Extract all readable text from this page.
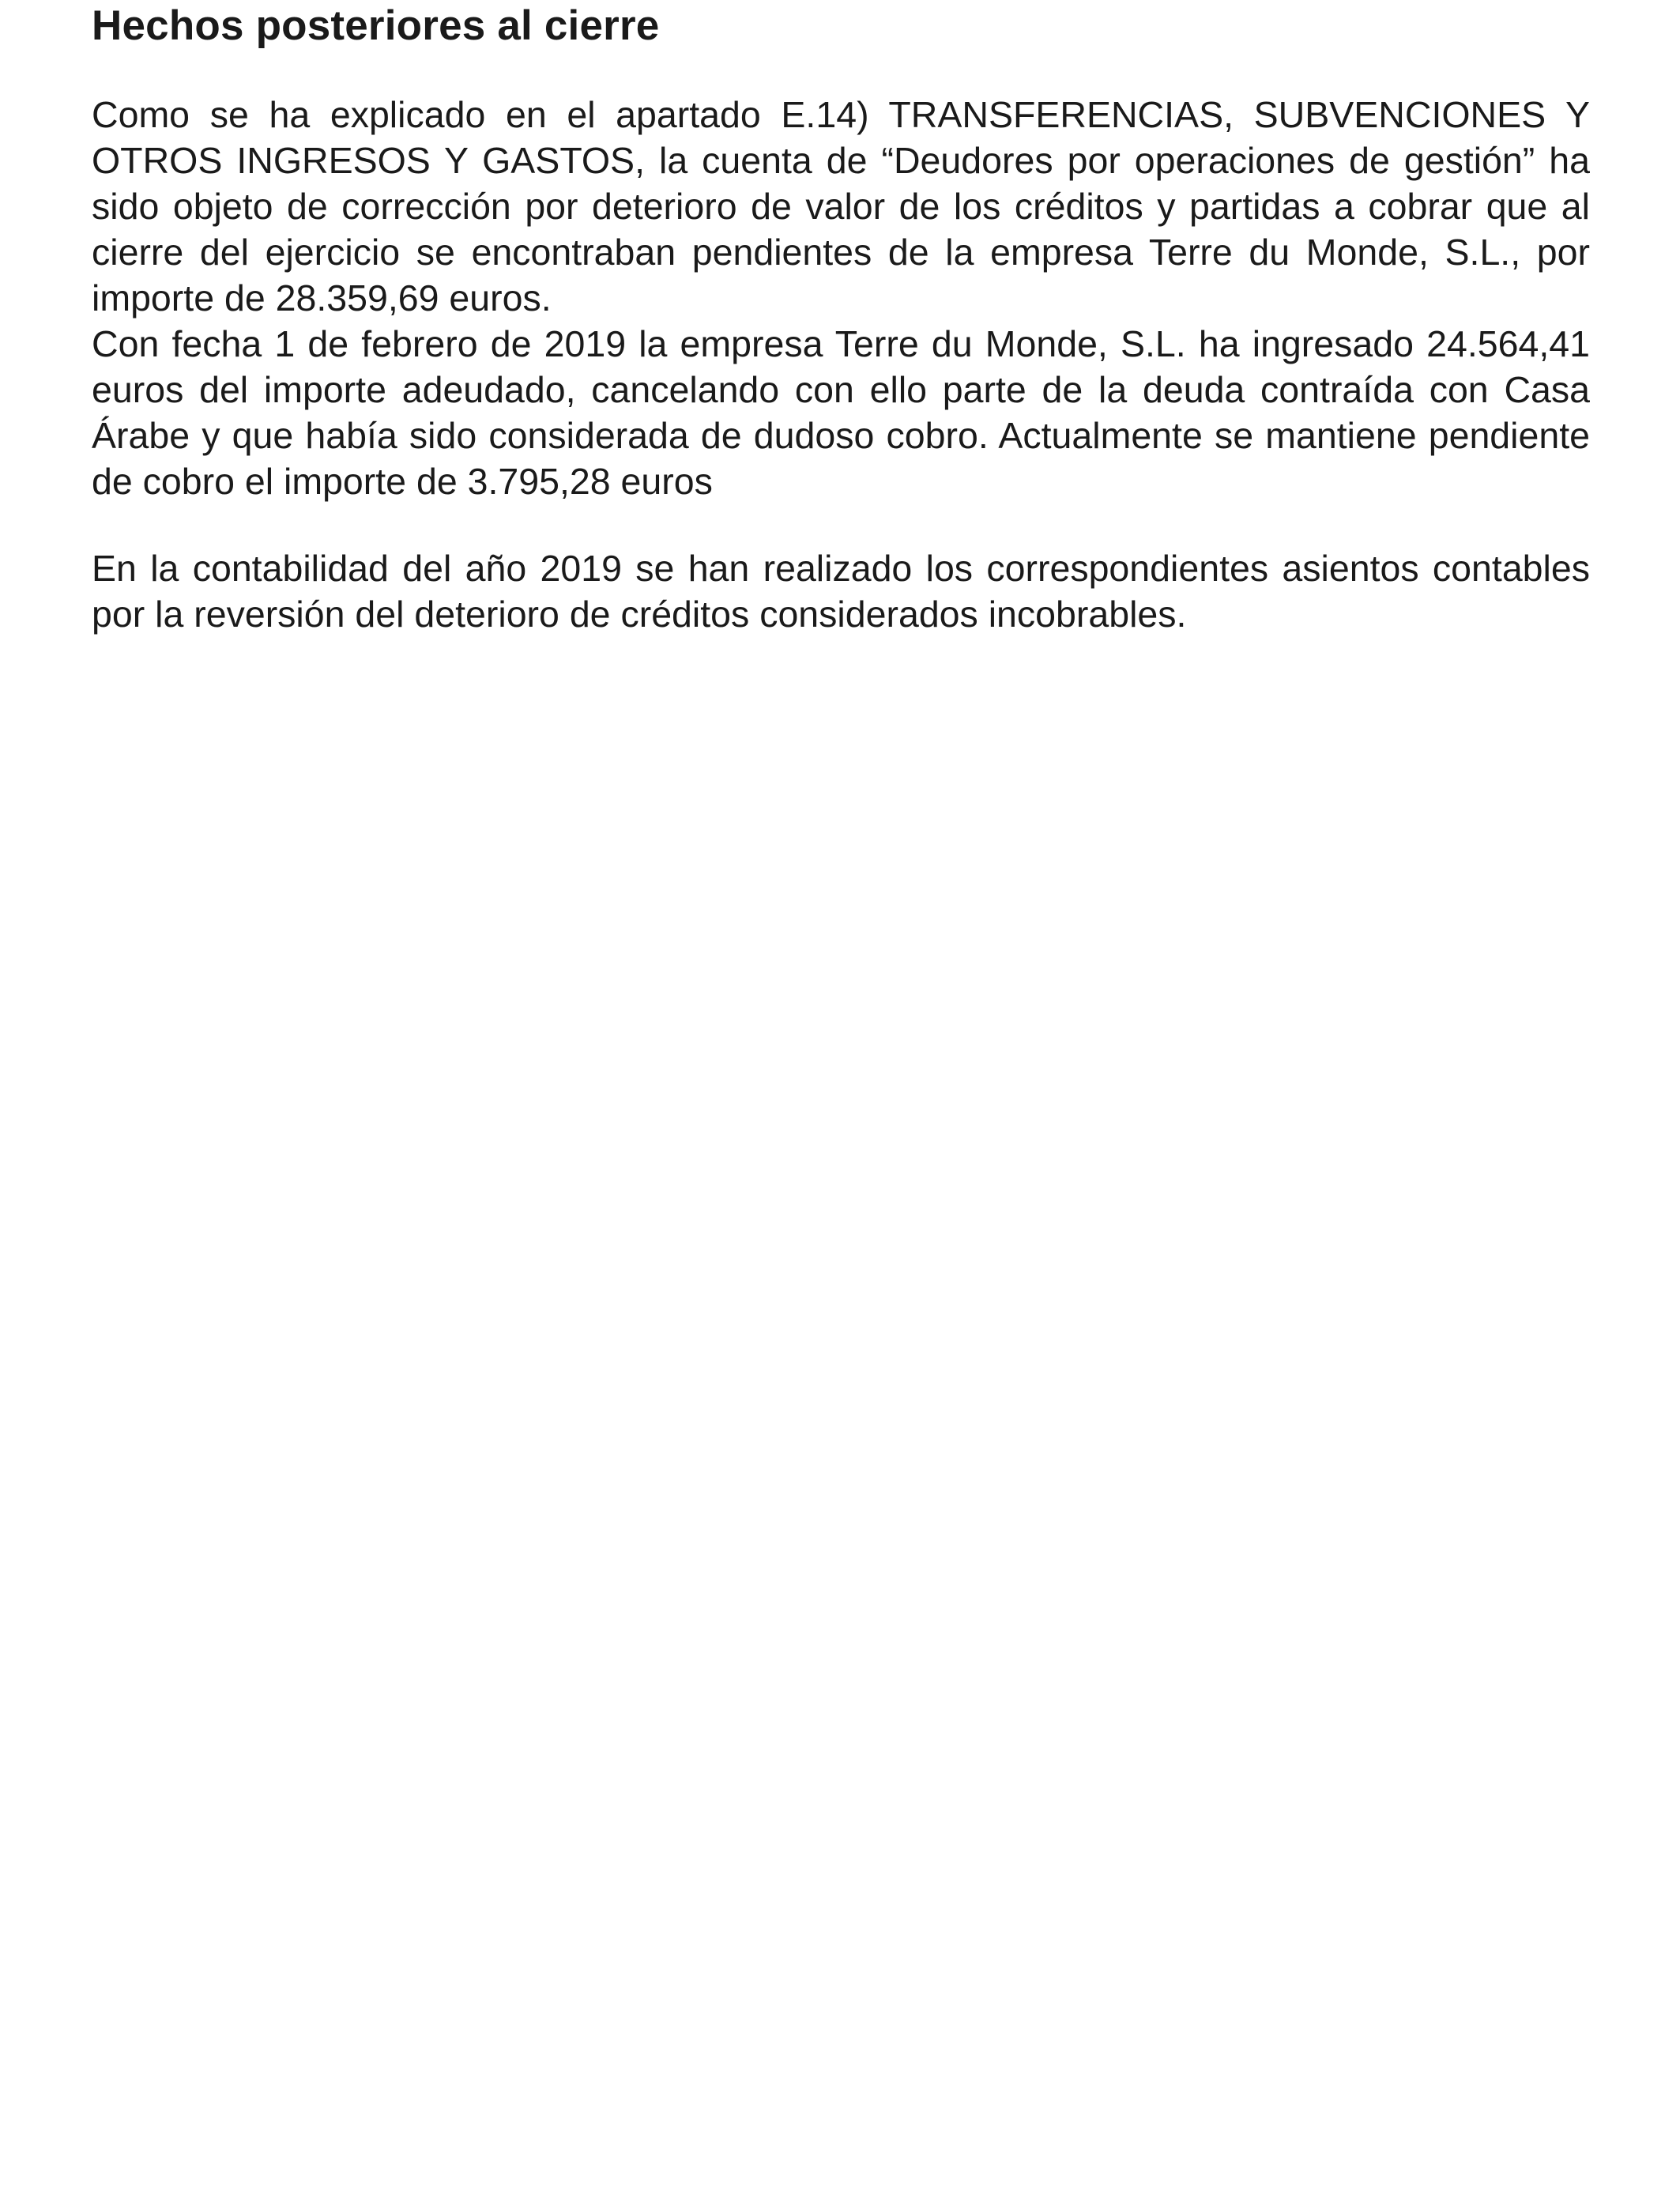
Hechos posteriores al cierre

Como se ha explicado en el apartado E.14) TRANSFERENCIAS, SUBVENCIONES Y OTROS INGRESOS Y GASTOS, la cuenta de “Deudores por operaciones de gestión” ha sido objeto de corrección por deterioro de valor de los créditos y partidas a cobrar que al cierre del ejercicio se encontraban pendientes de la empresa Terre du Monde, S.L., por importe de 28.359,69 euros.

Con fecha 1 de febrero de 2019 la empresa Terre du Monde, S.L. ha ingresado 24.564,41 euros del importe adeudado, cancelando con ello parte de la deuda contraída con Casa Árabe y que había sido considerada de dudoso cobro. Actualmente se mantiene pendiente de cobro el importe de 3.795,28 euros

En la contabilidad del año 2019 se han realizado los correspondientes asientos contables por la reversión del deterioro de créditos considerados incobrables.
